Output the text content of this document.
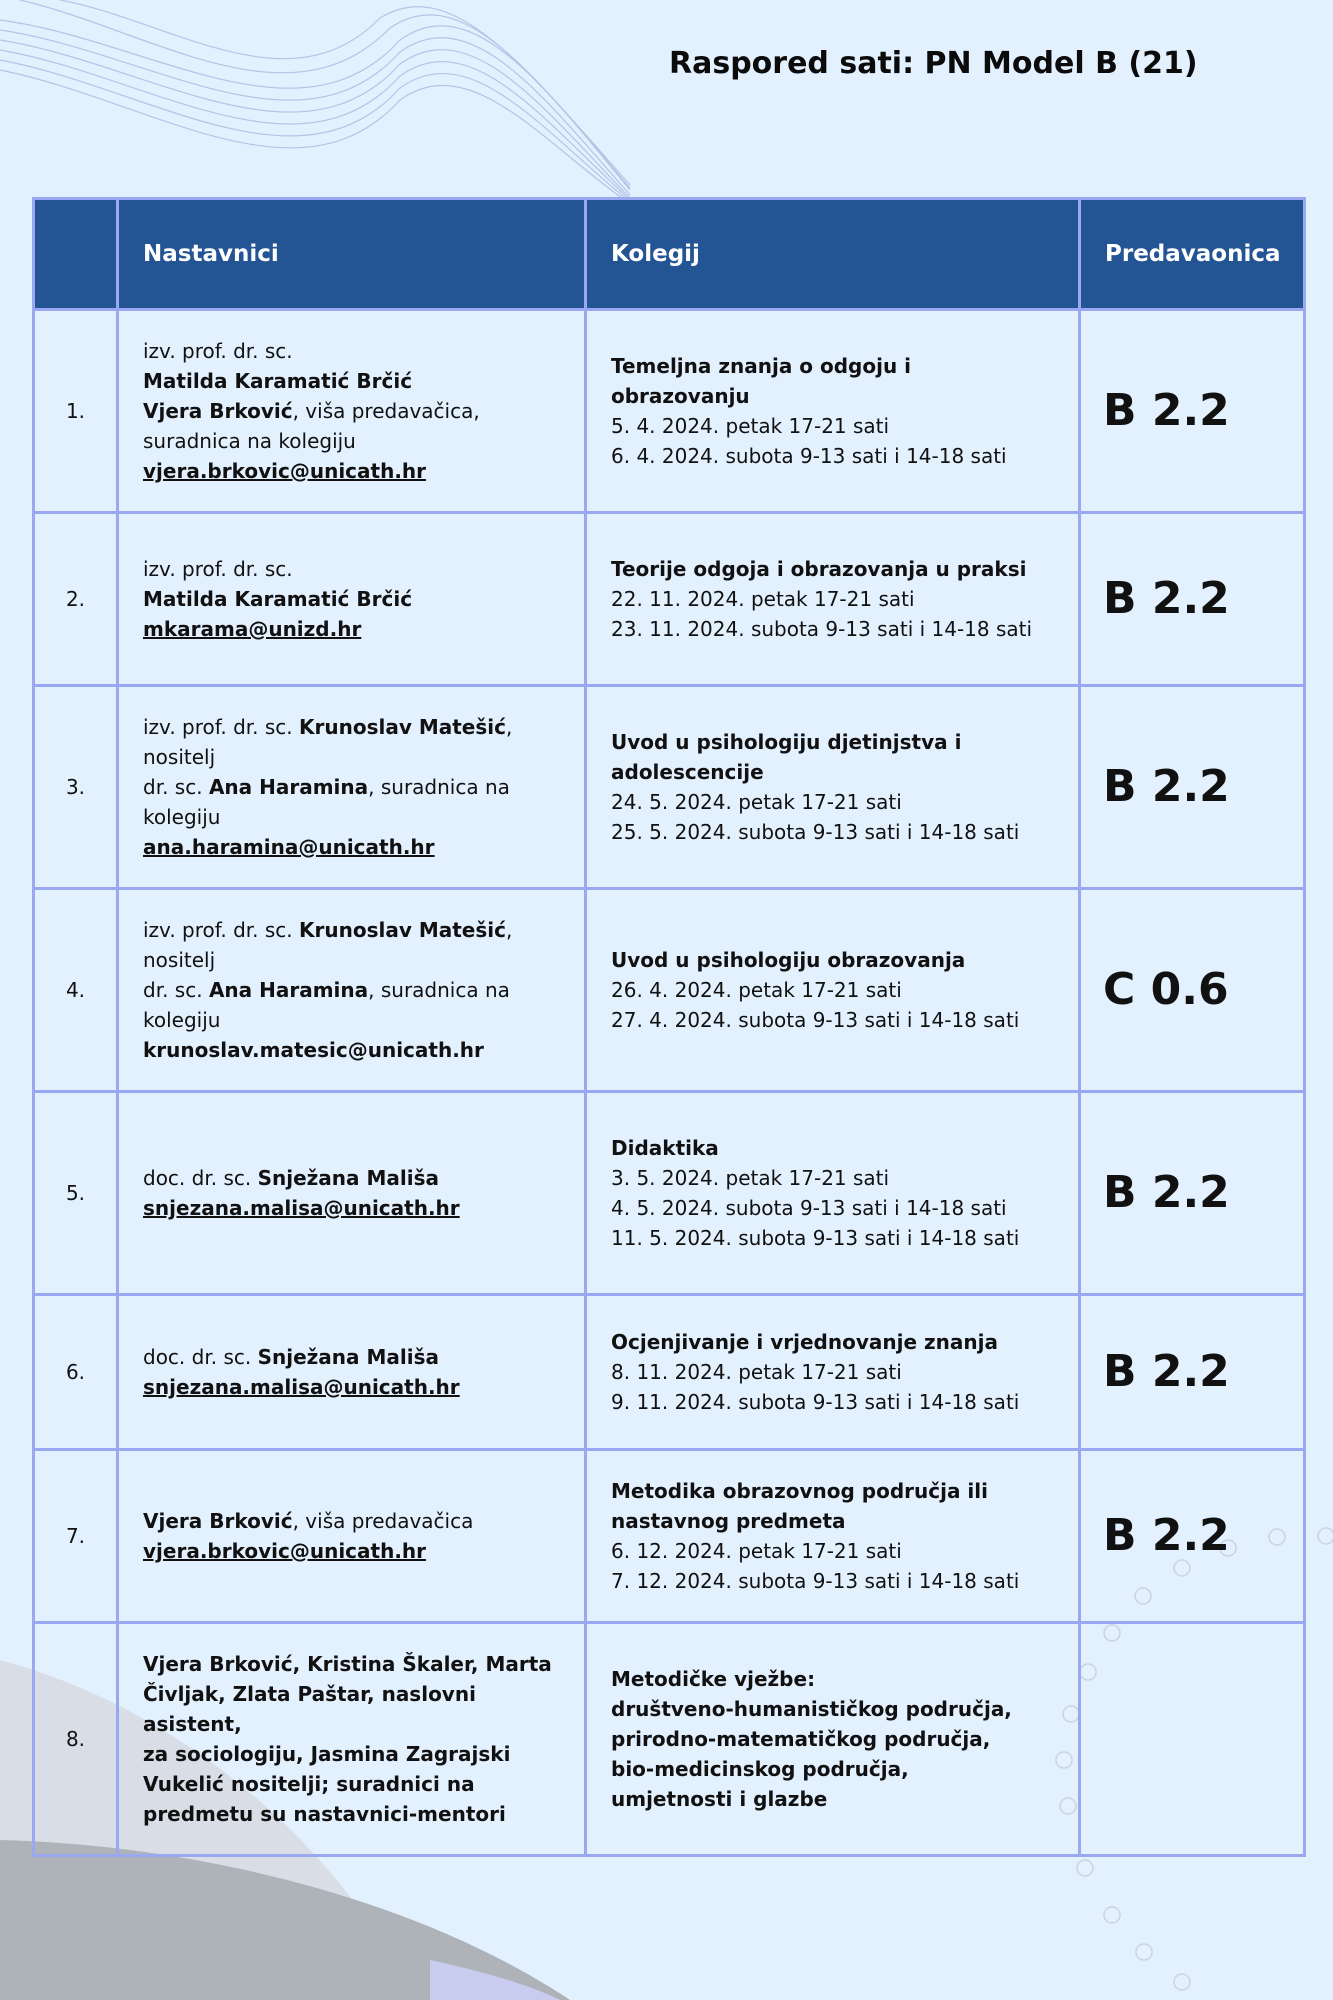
Raspored sati: PN Model B (21)
	Nastavnici	Kolegij	Predavaonica
1.	izv. prof. dr. sc.
Matilda Karamatić Brčić
Vjera Brković, viša predavačica,
suradnica na kolegiju
vjera.brkovic@unicath.hr	Temeljna znanja o odgoju i obrazovanju
5. 4. 2024. petak 17-21 sati
6. 4. 2024. subota 9-13 sati i 14-18 sati	B 2.2
2.	izv. prof. dr. sc.
Matilda Karamatić Brčić
mkarama@unizd.hr	Teorije odgoja i obrazovanja u praksi
22. 11. 2024. petak 17-21 sati
23. 11. 2024. subota 9-13 sati i 14-18 sati	B 2.2
3.	izv. prof. dr. sc. Krunoslav Matešić,
nositelj
dr. sc. Ana Haramina, suradnica na
kolegiju
ana.haramina@unicath.hr	Uvod u psihologiju djetinjstva i
adolescencije
24. 5. 2024. petak 17-21 sati
25. 5. 2024. subota 9-13 sati i 14-18 sati	B 2.2
4.	izv. prof. dr. sc. Krunoslav Matešić,
nositelj
dr. sc. Ana Haramina, suradnica na
kolegiju
krunoslav.matesic@unicath.hr	Uvod u psihologiju obrazovanja
26. 4. 2024. petak 17-21 sati
27. 4. 2024. subota 9-13 sati i 14-18 sati	C 0.6
5.	doc. dr. sc. Snježana Mališa
snjezana.malisa@unicath.hr	Didaktika
3. 5. 2024. petak 17-21 sati
4. 5. 2024. subota 9-13 sati i 14-18 sati
11. 5. 2024. subota 9-13 sati i 14-18 sati	B 2.2
6.	doc. dr. sc. Snježana Mališa
snjezana.malisa@unicath.hr	Ocjenjivanje i vrjednovanje znanja
8. 11. 2024. petak 17-21 sati
9. 11. 2024. subota 9-13 sati i 14-18 sati	B 2.2
7.	Vjera Brković, viša predavačica
vjera.brkovic@unicath.hr	Metodika obrazovnog područja ili
nastavnog predmeta
6. 12. 2024. petak 17-21 sati
7. 12. 2024. subota 9-13 sati i 14-18 sati	B 2.2
8.	Vjera Brković, Kristina Škaler, Marta
Čivljak, Zlata Paštar, naslovni asistent,
za sociologiju, Jasmina Zagrajski
Vukelić nositelji; suradnici na
predmetu su nastavnici-mentori	Metodičke vježbe:
društveno-humanističkog područja,
prirodno-matematičkog područja,
bio-medicinskog područja,
umjetnosti i glazbe	
